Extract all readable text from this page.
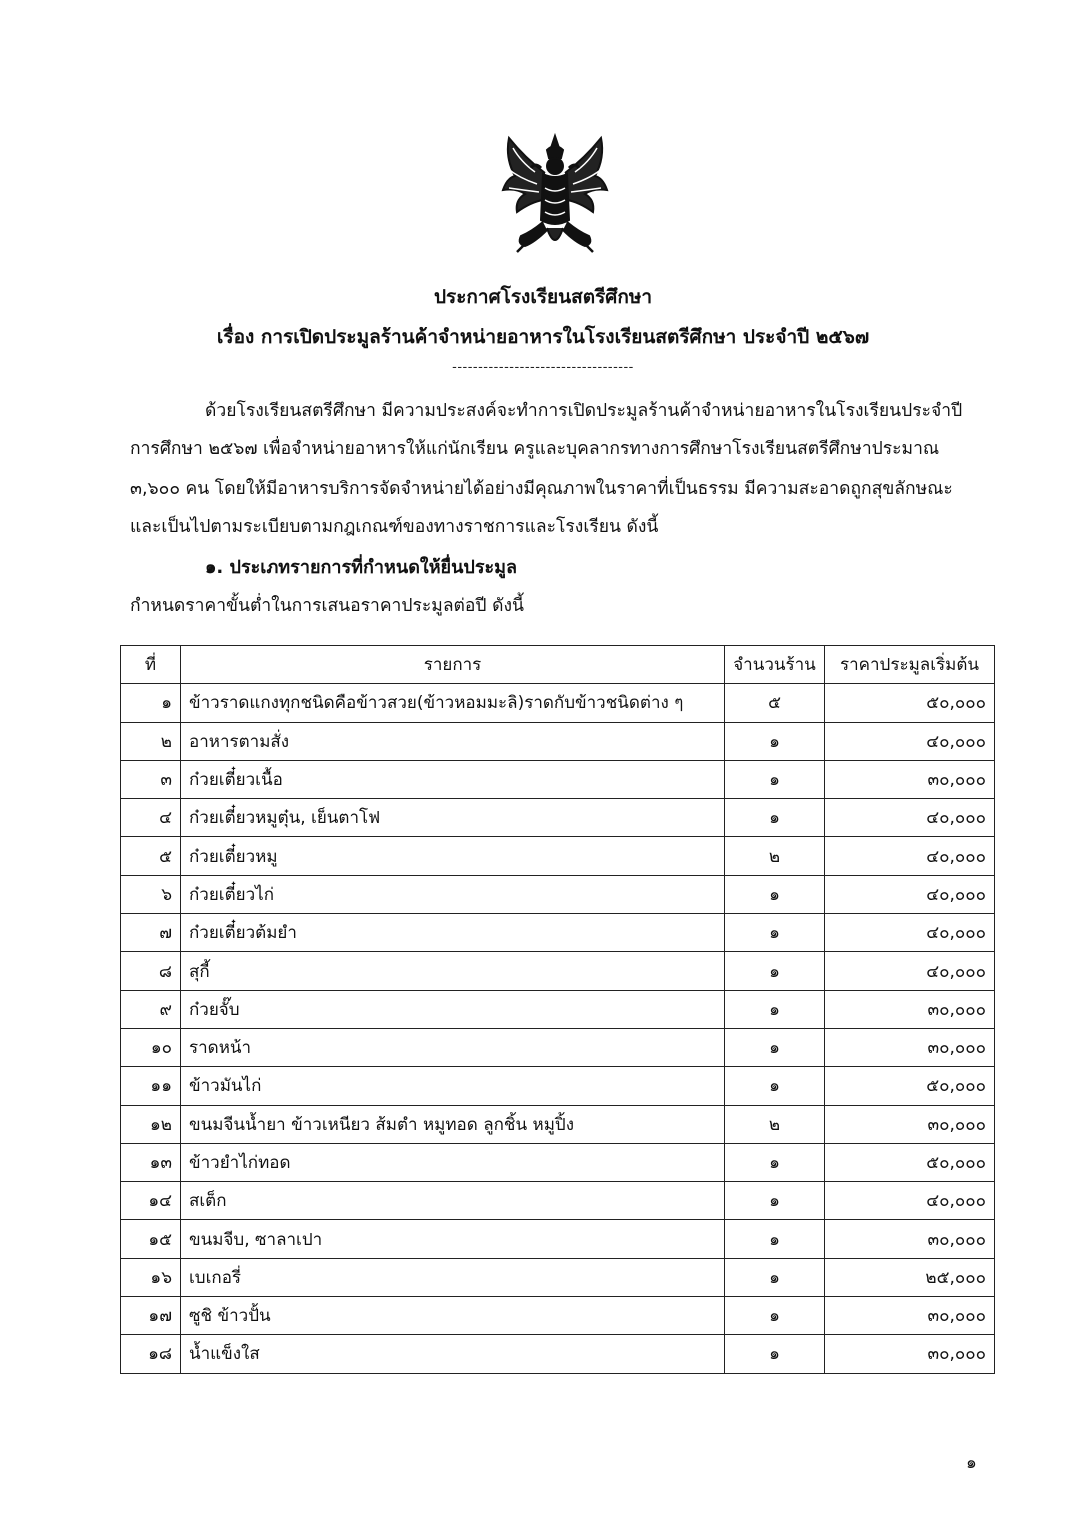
ประกาศโรงเรียนสตรีศึกษา
เรื่อง การเปิดประมูลร้านค้าจำหน่ายอาหารในโรงเรียนสตรีศึกษา ประจำปี ๒๕๖๗
-----------------------------------
ด้วยโรงเรียนสตรีศึกษา มีความประสงค์จะทำการเปิดประมูลร้านค้าจำหน่ายอาหารในโรงเรียนประจำปี
การศึกษา ๒๕๖๗ เพื่อจำหน่ายอาหารให้แก่นักเรียน ครูและบุคลากรทางการศึกษาโรงเรียนสตรีศึกษาประมาณ
๓,๖๐๐ คน โดยให้มีอาหารบริการจัดจำหน่ายได้อย่างมีคุณภาพในราคาที่เป็นธรรม มีความสะอาดถูกสุขลักษณะ
และเป็นไปตามระเบียบตามกฎเกณฑ์ของทางราชการและโรงเรียน ดังนี้
๑. ประเภทรายการที่กำหนดให้ยื่นประมูล
กำหนดราคาขั้นต่ำในการเสนอราคาประมูลต่อปี ดังนี้
ที่	รายการ	จำนวนร้าน	ราคาประมูลเริ่มต้น
๑	ข้าวราดแกงทุกชนิดคือข้าวสวย(ข้าวหอมมะลิ)ราดกับข้าวชนิดต่าง ๆ	๕	๕๐,๐๐๐
๒	อาหารตามสั่ง	๑	๔๐,๐๐๐
๓	ก๋วยเตี๋ยวเนื้อ	๑	๓๐,๐๐๐
๔	ก๋วยเตี๋ยวหมูตุ๋น, เย็นตาโฟ	๑	๔๐,๐๐๐
๕	ก๋วยเตี๋ยวหมู	๒	๔๐,๐๐๐
๖	ก๋วยเตี๋ยวไก่	๑	๔๐,๐๐๐
๗	ก๋วยเตี๋ยวต้มยำ	๑	๔๐,๐๐๐
๘	สุกี้	๑	๔๐,๐๐๐
๙	ก๋วยจั๊บ	๑	๓๐,๐๐๐
๑๐	ราดหน้า	๑	๓๐,๐๐๐
๑๑	ข้าวมันไก่	๑	๕๐,๐๐๐
๑๒	ขนมจีนน้ำยา ข้าวเหนียว ส้มตำ หมูทอด ลูกชิ้น หมูปิ้ง	๒	๓๐,๐๐๐
๑๓	ข้าวยำไก่ทอด	๑	๕๐,๐๐๐
๑๔	สเต็ก	๑	๔๐,๐๐๐
๑๕	ขนมจีบ, ซาลาเปา	๑	๓๐,๐๐๐
๑๖	เบเกอรี่	๑	๒๕,๐๐๐
๑๗	ซูชิ ข้าวปั้น	๑	๓๐,๐๐๐
๑๘	น้ำแข็งใส	๑	๓๐,๐๐๐
๑
